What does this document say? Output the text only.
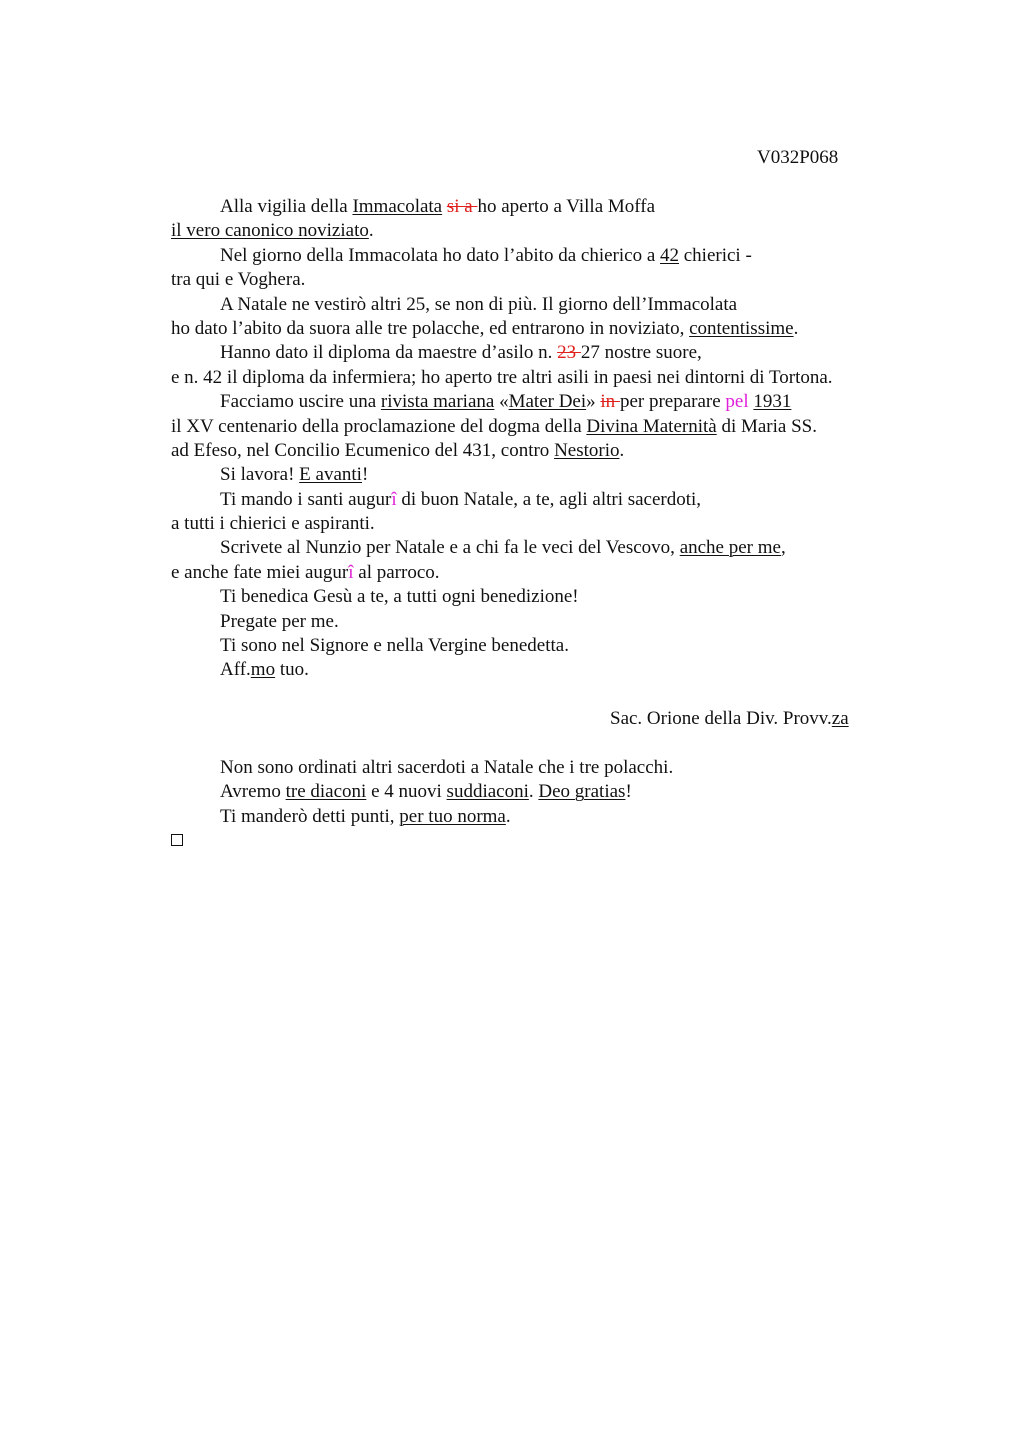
V032P068
Alla vigilia della Immacolata si a ho aperto a Villa Moffa
il vero canonico noviziato.
Nel giorno della Immacolata ho dato l’abito da chierico a 42 chierici -
tra qui e Voghera.
A Natale ne vestirò altri 25, se non di più. Il giorno dell’Immacolata
ho dato l’abito da suora alle tre polacche, ed entrarono in noviziato, contentissime.
Hanno dato il diploma da maestre d’asilo n. 23 27 nostre suore,
e n. 42 il diploma da infermiera; ho aperto tre altri asili in paesi nei dintorni di Tortona.
Facciamo uscire una rivista mariana «Mater Dei» in per preparare pel 1931
il XV centenario della proclamazione del dogma della Divina Maternità di Maria SS.
ad Efeso, nel Concilio Ecumenico del 431, contro Nestorio.
Si lavora! E avanti!
Ti mando i santi augurî di buon Natale, a te, agli altri sacerdoti,
a tutti i chierici e aspiranti.
Scrivete al Nunzio per Natale e a chi fa le veci del Vescovo, anche per me,
e anche fate miei augurî al parroco.
Ti benedica Gesù a te, a tutti ogni benedizione!
Pregate per me.
Ti sono nel Signore e nella Vergine benedetta.
Aff.mo tuo.
Sac. Orione della Div. Provv.za
Non sono ordinati altri sacerdoti a Natale che i tre polacchi.
Avremo tre diaconi e 4 nuovi suddiaconi. Deo gratias!
Ti manderò detti punti, per tuo norma.
